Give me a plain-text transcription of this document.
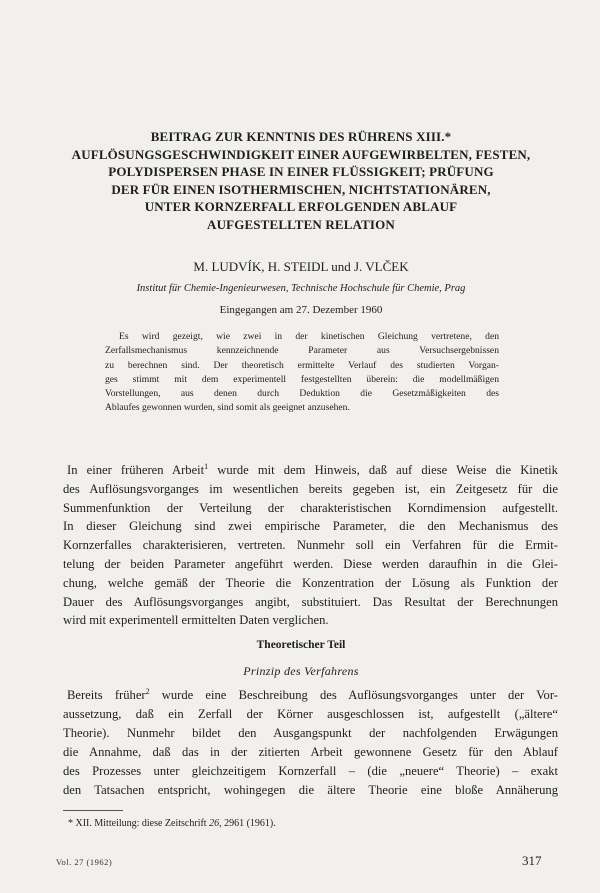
BEITRAG ZUR KENNTNIS DES RÜHRENS XIII.*
AUFLÖSUNGSGESCHWINDIGKEIT EINER AUFGEWIRBELTEN, FESTEN,
POLYDISPERSEN PHASE IN EINER FLÜSSIGKEIT; PRÜFUNG
DER FÜR EINEN ISOTHERMISCHEN, NICHTSTATIONÄREN,
UNTER KORNZERFALL ERFOLGENDEN ABLAUF
AUFGESTELLTEN RELATION
M. LUDVÍK, H. STEIDL und J. VLČEK
Institut für Chemie-Ingenieurwesen, Technische Hochschule für Chemie, Prag
Eingegangen am 27. Dezember 1960
Es wird gezeigt, wie zwei in der kinetischen Gleichung vertretene, den
Zerfallsmechanismus kennzeichnende Parameter aus Versuchsergebnissen
zu berechnen sind. Der theoretisch ermittelte Verlauf des studierten Vorgan-
ges stimmt mit dem experimentell festgestellten überein: die modellmäßigen
Vorstellungen, aus denen durch Deduktion die Gesetzmäßigkeiten des
Ablaufes gewonnen wurden, sind somit als geeignet anzusehen.
In einer früheren Arbeit$^1$ wurde mit dem Hinweis, daß auf diese Weise die Kinetik
des Auflösungsvorganges im wesentlichen bereits gegeben ist, ein Zeitgesetz für die
Summenfunktion der Verteilung der charakteristischen Korndimension aufgestellt.
In dieser Gleichung sind zwei empirische Parameter, die den Mechanismus des
Kornzerfalles charakterisieren, vertreten. Nunmehr soll ein Verfahren für die Ermit-
telung der beiden Parameter angeführt werden. Diese werden daraufhin in die Glei-
chung, welche gemäß der Theorie die Konzentration der Lösung als Funktion der
Dauer des Auflösungsvorganges angibt, substituiert. Das Resultat der Berechnungen
wird mit experimentell ermittelten Daten verglichen.
Theoretischer Teil
Prinzip des Verfahrens
Bereits früher$^2$ wurde eine Beschreibung des Auflösungsvorganges unter der Vor-
aussetzung, daß ein Zerfall der Körner ausgeschlossen ist, aufgestellt („ältere“
Theorie). Nunmehr bildet den Ausgangspunkt der nachfolgenden Erwägungen
die Annahme, daß das in der zitierten Arbeit gewonnene Gesetz für den Ablauf
des Prozesses unter gleichzeitigem Kornzerfall – (die „neuere“ Theorie) – exakt
den Tatsachen entspricht, wohingegen die ältere Theorie eine bloße Annäherung
* XII. Mitteilung: diese Zeitschrift 26, 2961 (1961).
Vol. 27 (1962)	317
